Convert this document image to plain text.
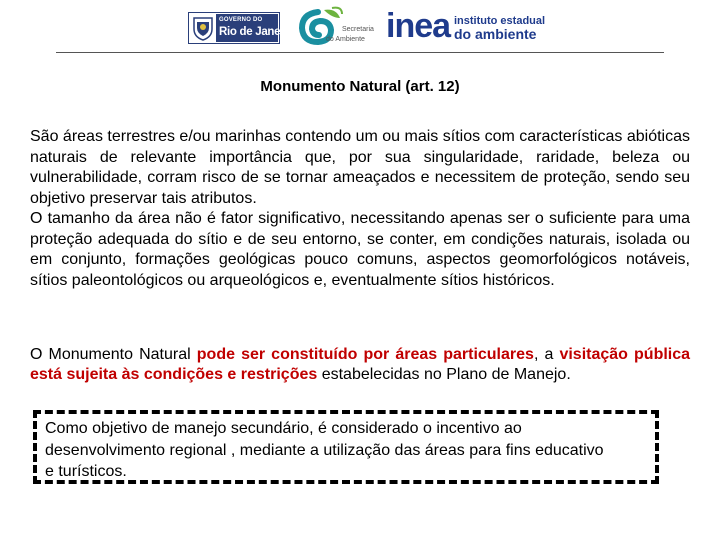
GOVERNO DO
Rio de Janeiro	Secretaria
do Ambiente inea instituto estadual
do ambiente
Monumento Natural (art. 12)
São áreas terrestres e/ou marinhas contendo um ou mais sítios com características abióticas naturais de relevante importância que, por sua singularidade, raridade, beleza ou vulnerabilidade, corram risco de se tornar ameaçados e necessitem de proteção, sendo seu objetivo preservar tais atributos.
O tamanho da área não é fator significativo, necessitando apenas ser o suficiente para uma proteção adequada do sítio e de seu entorno, se conter, em condições naturais, isolada ou em conjunto, formações geológicas pouco comuns, aspectos geomorfológicos notáveis, sítios paleontológicos ou arqueológicos e, eventualmente sítios históricos.
O Monumento Natural pode ser constituído por áreas particulares, a visitação pública está sujeita às condições e restrições estabelecidas no Plano de Manejo.

Como objetivo de manejo secundário, é considerado o incentivo ao desenvolvimento regional , mediante a utilização das áreas para fins educativo e turísticos.
